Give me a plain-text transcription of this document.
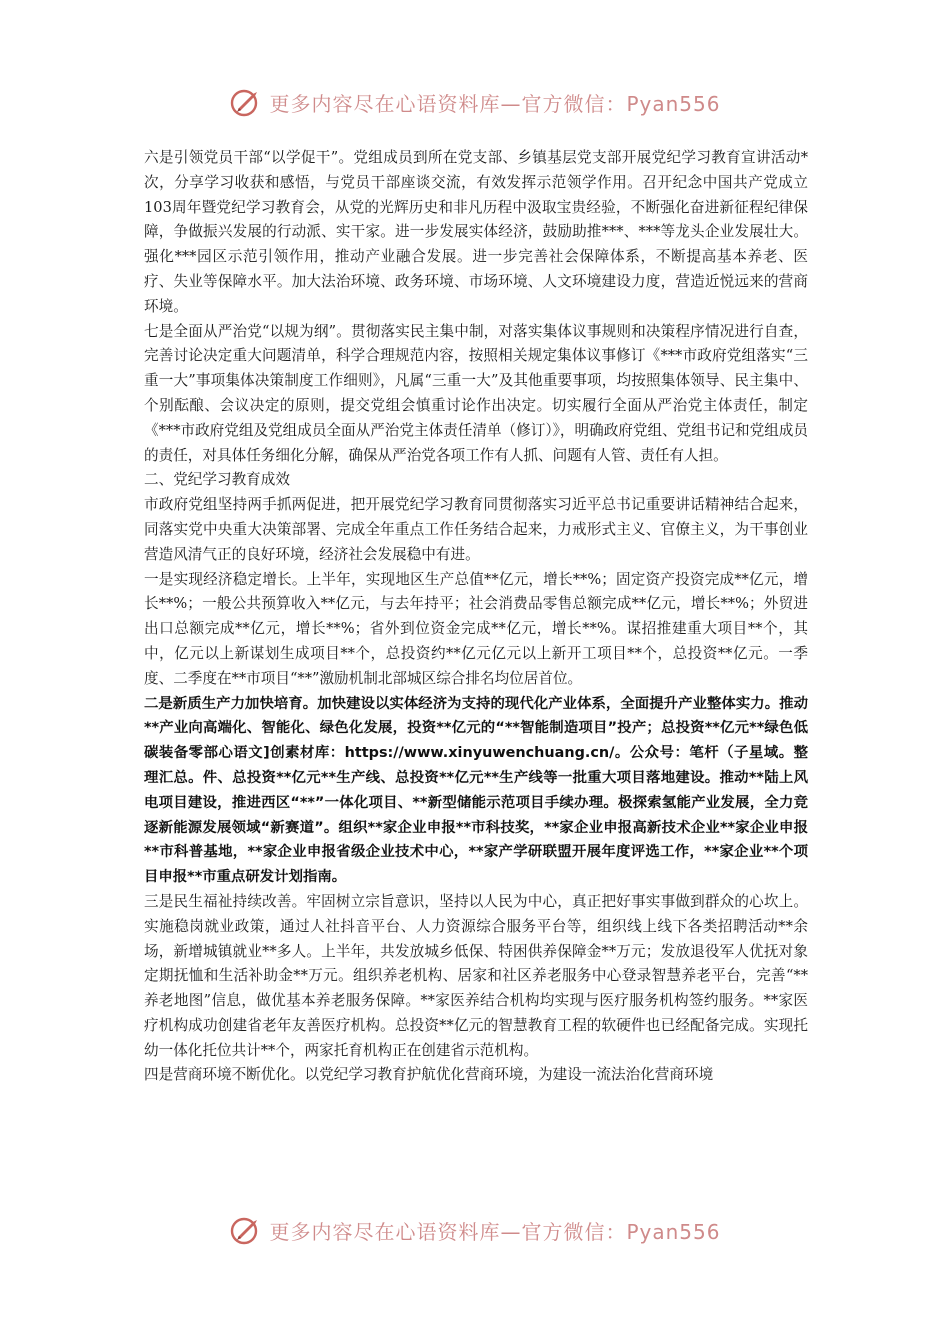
更多内容尽在心语资料库—官方微信：Pyan556

六是引领党员干部“以学促干”。党组成员到所在党支部、乡镇基层党支部开展党纪学习教育宣讲活动*次，分享学习收获和感悟，与党员干部座谈交流，有效发挥示范领学作用。召开纪念中国共产党成立103周年暨党纪学习教育会，从党的光辉历史和非凡历程中汲取宝贵经验，不断强化奋进新征程纪律保障，争做振兴发展的行动派、实干家。进一步发展实体经济，鼓励助推***、***等龙头企业发展壮大。强化***园区示范引领作用，推动产业融合发展。进一步完善社会保障体系，不断提高基本养老、医疗、失业等保障水平。加大法治环境、政务环境、市场环境、人文环境建设力度，营造近悦远来的营商环境。

七是全面从严治党“以规为纲”。贯彻落实民主集中制，对落实集体议事规则和决策程序情况进行自查，完善讨论决定重大问题清单，科学合理规范内容，按照相关规定集体议事修订《***市政府党组落实“三重一大”事项集体决策制度工作细则》，凡属“三重一大”及其他重要事项，均按照集体领导、民主集中、个别酝酿、会议决定的原则，提交党组会慎重讨论作出决定。切实履行全面从严治党主体责任，制定《***市政府党组及党组成员全面从严治党主体责任清单（修订）》，明确政府党组、党组书记和党组成员的责任，对具体任务细化分解，确保从严治党各项工作有人抓、问题有人管、责任有人担。

二、党纪学习教育成效

市政府党组坚持两手抓两促进，把开展党纪学习教育同贯彻落实习近平总书记重要讲话精神结合起来，同落实党中央重大决策部署、完成全年重点工作任务结合起来，力戒形式主义、官僚主义，为干事创业营造风清气正的良好环境，经济社会发展稳中有进。

一是实现经济稳定增长。上半年，实现地区生产总值**亿元，增长**%；固定资产投资完成**亿元，增长**%；一般公共预算收入**亿元，与去年持平；社会消费品零售总额完成**亿元，增长**%；外贸进出口总额完成**亿元，增长**%；省外到位资金完成**亿元，增长**%。谋招推建重大项目**个，其中，亿元以上新谋划生成项目**个，总投资约**亿元亿元以上新开工项目**个，总投资**亿元。一季度、二季度在**市项目“**”激励机制北部城区综合排名均位居首位。

二是新质生产力加快培育。加快建设以实体经济为支持的现代化产业体系，全面提升产业整体实力。推动**产业向高端化、智能化、绿色化发展，投资**亿元的“**智能制造项目”投产；总投资**亿元**绿色低碳装备零部心语文]创素材库：https://www.xinyuwenchuang.cn/。公众号：笔杆（子星域。整理汇总。件、总投资**亿元**生产线、总投资**亿元**生产线等一批重大项目落地建设。推动**陆上风电项目建设，推进西区“**”一体化项目、**新型储能示范项目手续办理。极探索氢能产业发展，全力竞逐新能源发展领域“新赛道”。组织**家企业申报**市科技奖，**家企业申报高新技术企业**家企业申报**市科普基地，**家企业申报省级企业技术中心，**家产学研联盟开展年度评选工作，**家企业**个项目申报**市重点研发计划指南。

三是民生福祉持续改善。牢固树立宗旨意识，坚持以人民为中心，真正把好事实事做到群众的心坎上。实施稳岗就业政策，通过人社抖音平台、人力资源综合服务平台等，组织线上线下各类招聘活动**余场，新增城镇就业**多人。上半年，共发放城乡低保、特困供养保障金**万元；发放退役军人优抚对象定期抚恤和生活补助金**万元。组织养老机构、居家和社区养老服务中心登录智慧养老平台，完善“**养老地图”信息，做优基本养老服务保障。**家医养结合机构均实现与医疗服务机构签约服务。**家医疗机构成功创建省老年友善医疗机构。总投资**亿元的智慧教育工程的软硬件也已经配备完成。实现托幼一体化托位共计**个，两家托育机构正在创建省示范机构。

四是营商环境不断优化。以党纪学习教育护航优化营商环境，为建设一流法治化营商环境

更多内容尽在心语资料库—官方微信：Pyan556
